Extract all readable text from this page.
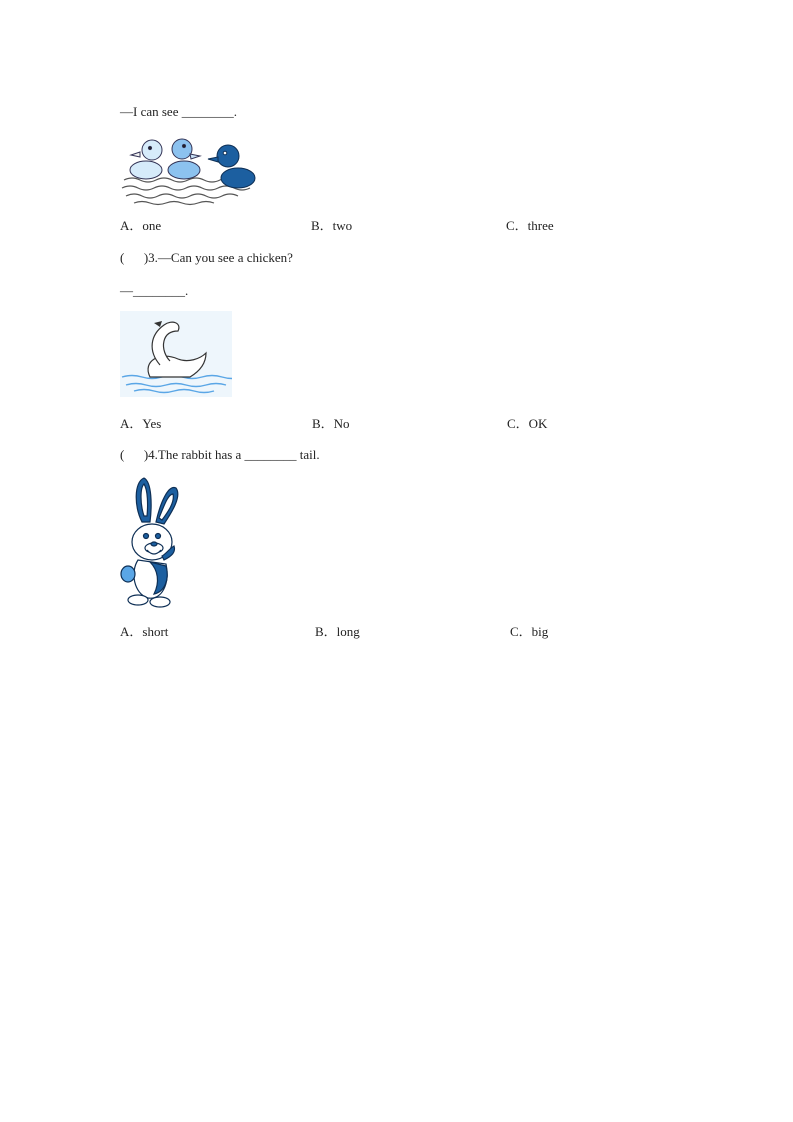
—I can see ________.
A．one	B．two	C．three
(      )3.—Can you see a chicken?
—________.
A．Yes	B．No	C．OK
(      )4.The rabbit has a ________ tail.
A．short	B．long	C．big
